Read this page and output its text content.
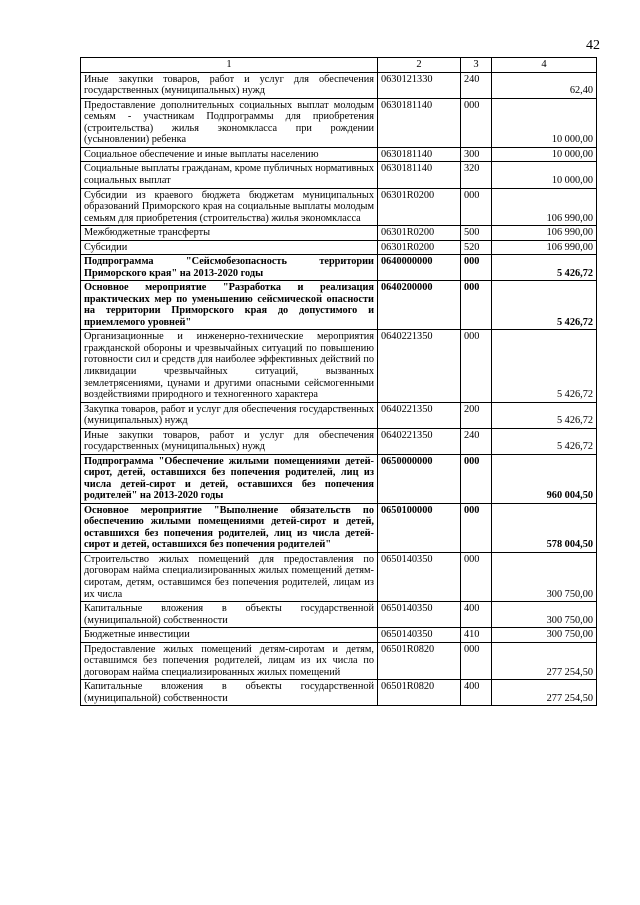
42
1	2	3	4
Иные закупки товаров, работ и услуг для обеспечения государственных (муниципальных) нужд	0630121330	240	62,40
Предоставление дополнительных социальных выплат молодым семьям - участникам Подпрограммы для приобретения (строительства) жилья экономкласса при рождении (усыновлении) ребенка	0630181140	000	10 000,00
Социальное обеспечение и иные выплаты населению	0630181140	300	10 000,00
Социальные выплаты гражданам, кроме публичных нормативных социальных выплат	0630181140	320	10 000,00
Субсидии из краевого бюджета бюджетам муниципальных образований Приморского края на социальные выплаты молодым семьям для приобретения (строительства) жилья экономкласса	06301R0200	000	106 990,00
Межбюджетные трансферты	06301R0200	500	106 990,00
Субсидии	06301R0200	520	106 990,00
Подпрограмма "Сейсмобезопасность территории Приморского края" на 2013-2020 годы	0640000000	000	5 426,72
Основное мероприятие "Разработка и реализация практических мер по уменьшению сейсмической опасности на территории Приморского края до допустимого и приемлемого уровней"	0640200000	000	5 426,72
Организационные и инженерно-технические мероприятия гражданской обороны и чрезвычайных ситуаций по повышению готовности сил и средств для наиболее эффективных действий по ликвидации чрезвычайных ситуаций, вызванных землетрясениями, цунами и другими опасными сейсмогенными воздействиями природного и техногенного характера	0640221350	000	5 426,72
Закупка товаров, работ и услуг для обеспечения государственных (муниципальных) нужд	0640221350	200	5 426,72
Иные закупки товаров, работ и услуг для обеспечения государственных (муниципальных) нужд	0640221350	240	5 426,72
Подпрограмма "Обеспечение жилыми помещениями детей-сирот, детей, оставшихся без попечения родителей, лиц из числа детей-сирот и детей, оставшихся без попечения родителей" на 2013-2020 годы	0650000000	000	960 004,50
Основное мероприятие "Выполнение обязательств по обеспечению жилыми помещениями детей-сирот и детей, оставшихся без попечения родителей, лиц из числа детей-сирот и детей, оставшихся без попечения родителей"	0650100000	000	578 004,50
Строительство жилых помещений для предоставления по договорам найма специализированных жилых помещений детям-сиротам, детям, оставшимся без попечения родителей, лицам из их числа	0650140350	000	300 750,00
Капитальные вложения в объекты государственной (муниципальной) собственности	0650140350	400	300 750,00
Бюджетные инвестиции	0650140350	410	300 750,00
Предоставление жилых помещений детям-сиротам и детям, оставшимся без попечения родителей, лицам из их числа по договорам найма специализированных жилых помещений	06501R0820	000	277 254,50
Капитальные вложения в объекты государственной (муниципальной) собственности	06501R0820	400	277 254,50
